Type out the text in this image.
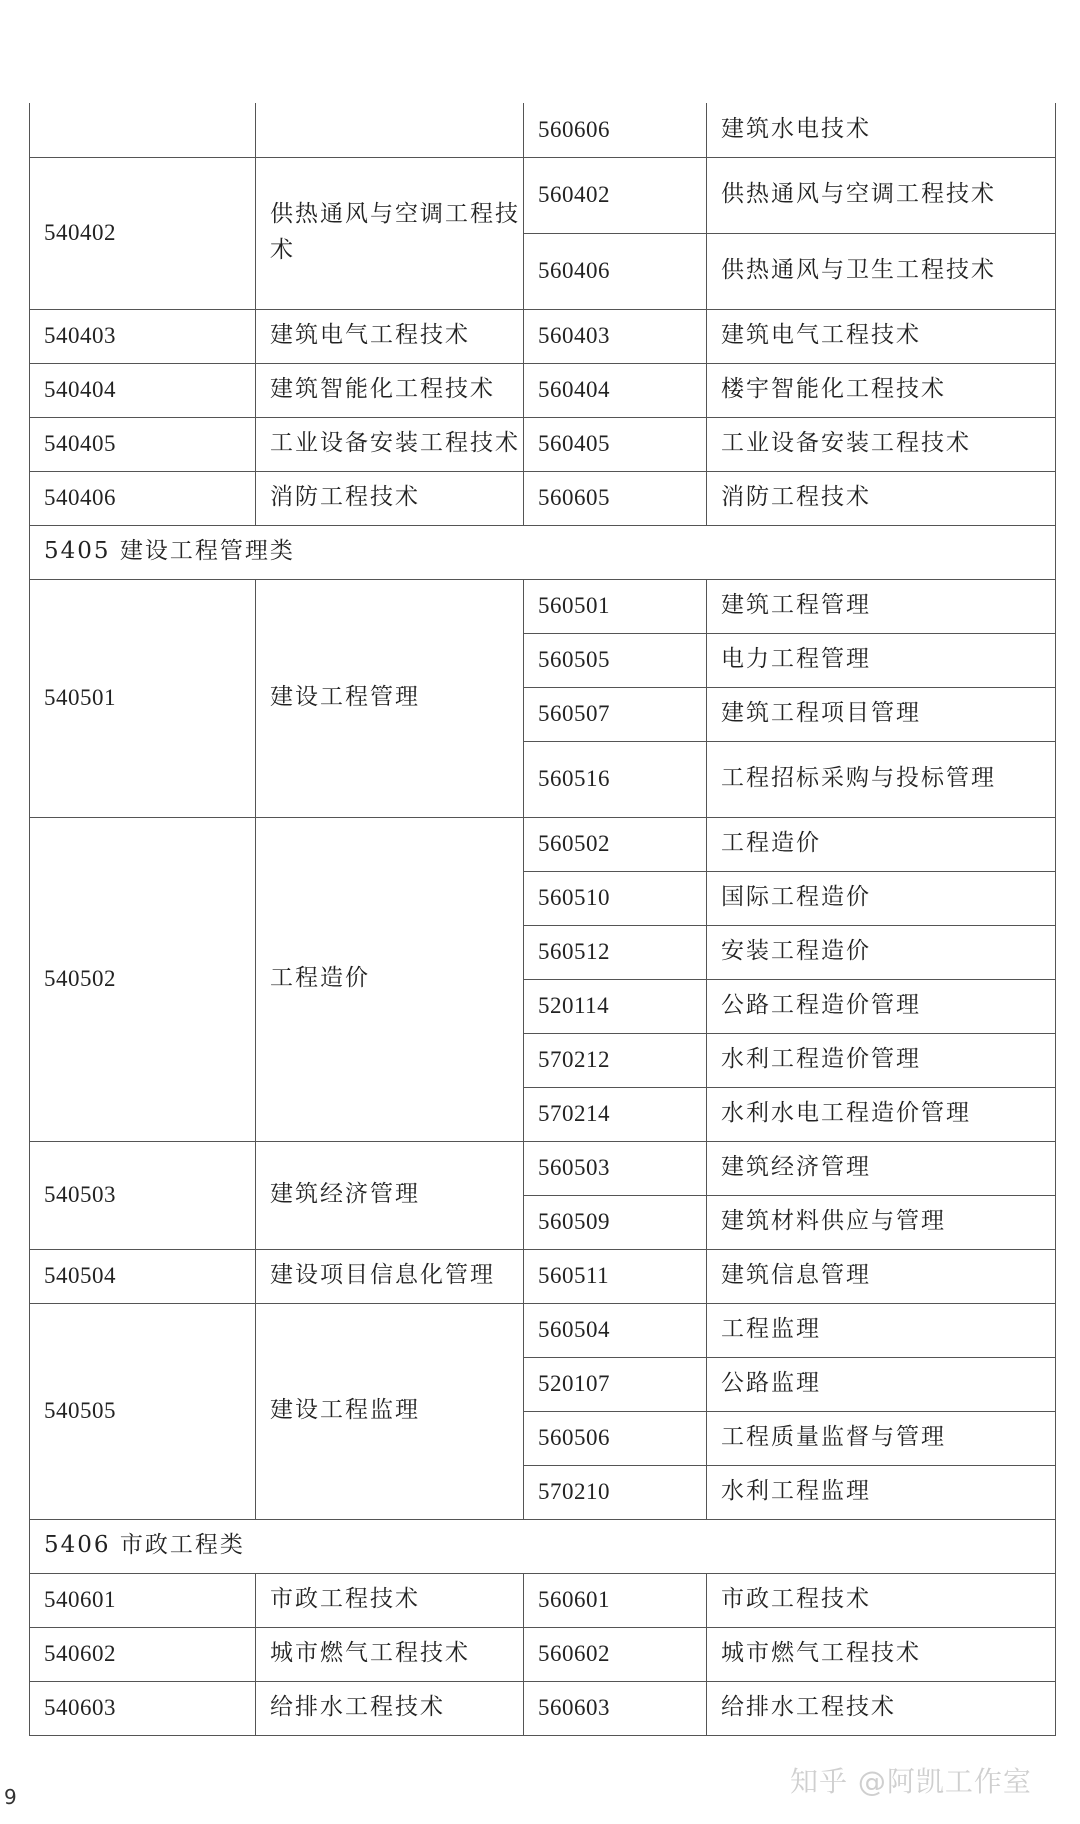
		560606	建筑水电技术
540402	供热通风与空调工程技术	560402	供热通风与空调工程技术
		560406	供热通风与卫生工程技术
540403	建筑电气工程技术	560403	建筑电气工程技术
540404	建筑智能化工程技术	560404	楼宇智能化工程技术
540405	工业设备安装工程技术	560405	工业设备安装工程技术
540406	消防工程技术	560605	消防工程技术
5405 建设工程管理类			
540501	建设工程管理	560501	建筑工程管理
		560505	电力工程管理
		560507	建筑工程项目管理
		560516	工程招标采购与投标管理
540502	工程造价	560502	工程造价
		560510	国际工程造价
		560512	安装工程造价
		520114	公路工程造价管理
		570212	水利工程造价管理
		570214	水利水电工程造价管理
540503	建筑经济管理	560503	建筑经济管理
		560509	建筑材料供应与管理
540504	建设项目信息化管理	560511	建筑信息管理
540505	建设工程监理	560504	工程监理
		520107	公路监理
		560506	工程质量监督与管理
		570210	水利工程监理
5406 市政工程类			
540601	市政工程技术	560601	市政工程技术
540602	城市燃气工程技术	560602	城市燃气工程技术
540603	给排水工程技术	560603	给排水工程技术
9	知乎 @阿凯工作室
